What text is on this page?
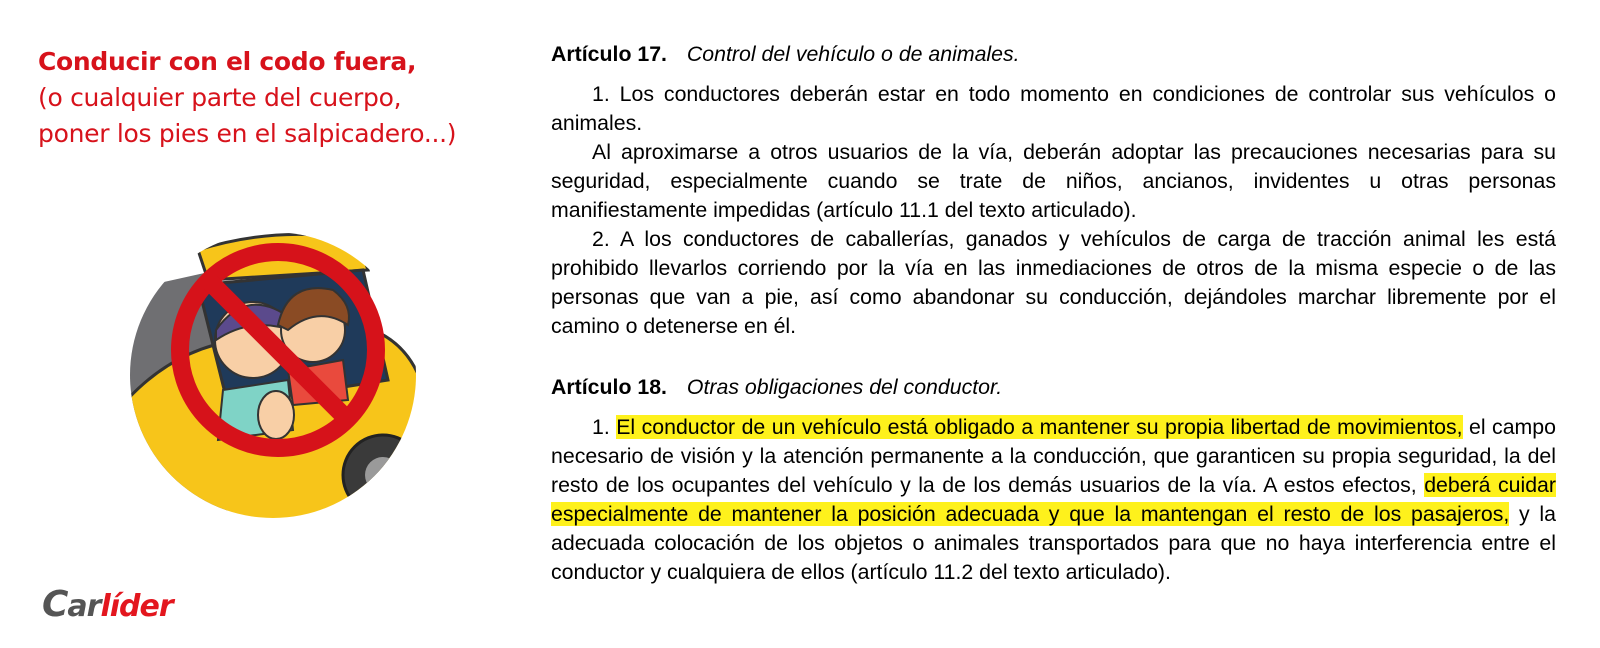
Conducir con el codo fuera,
(o cualquier parte del cuerpo,
poner los pies en el salpicadero...)
Carlíder
Artículo 17. Control del vehículo o de animales.

1. Los conductores deberán estar en todo momento en condiciones de controlar sus vehículos o animales.

Al aproximarse a otros usuarios de la vía, deberán adoptar las precauciones necesarias para su seguridad, especialmente cuando se trate de niños, ancianos, invidentes u otras personas manifiestamente impedidas (artículo 11.1 del texto articulado).

2. A los conductores de caballerías, ganados y vehículos de carga de tracción animal les está prohibido llevarlos corriendo por la vía en las inmediaciones de otros de la misma especie o de las personas que van a pie, así como abandonar su conducción, dejándoles marchar libremente por el camino o detenerse en él.

Artículo 18. Otras obligaciones del conductor.

1. El conductor de un vehículo está obligado a mantener su propia libertad de movimientos, el campo necesario de visión y la atención permanente a la conducción, que garanticen su propia seguridad, la del resto de los ocupantes del vehículo y la de los demás usuarios de la vía. A estos efectos, deberá cuidar especialmente de mantener la posición adecuada y que la mantengan el resto de los pasajeros, y la adecuada colocación de los objetos o animales transportados para que no haya interferencia entre el conductor y cualquiera de ellos (artículo 11.2 del texto articulado).
